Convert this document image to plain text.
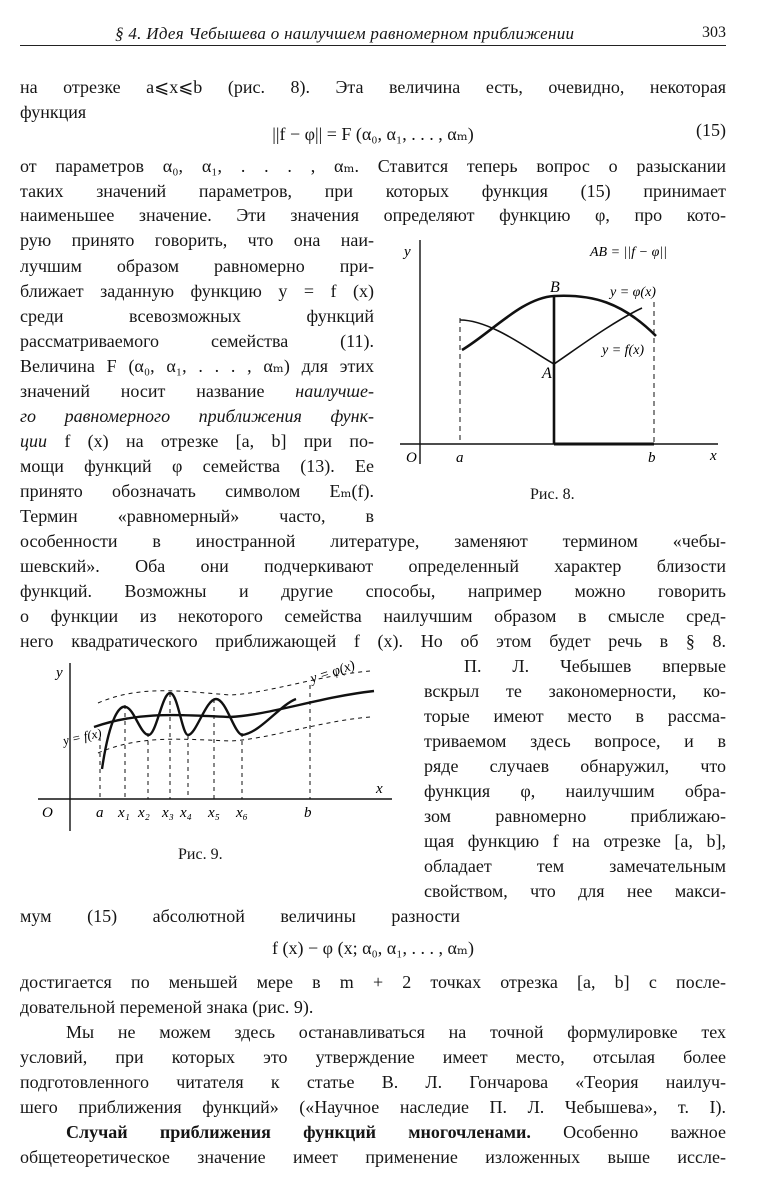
§ 4. Идея Чебышева о наилучшем равномерном приближении	303
на отрезке a⩽x⩽b (рис. 8). Эта величина есть, очевидно, некоторая
функция
||f − φ|| = F (α₀, α₁, . . . , αₘ)	(15)
от параметров α₀, α₁, . . . , αₘ. Ставится теперь вопрос о разыскании
таких значений параметров, при которых функция (15) принимает
наименьшее значение. Эти значения определяют функцию φ, про кото-
рую принято говорить, что она наи-
лучшим образом равномерно при-
ближает заданную функцию y = f (x)
среди всевозможных функций
рассматриваемого семейства (11).
Величина F (α₀, α₁, . . . , αₘ) для этих
значений носит название наилучше-
го равномерного приближения функ-
ции f (x) на отрезке [a, b] при по-
мощи функций φ семейства (13). Ее
принято обозначать символом Eₘ(f).
Термин «равномерный» часто, в
y
x
O	a	b
A
B
AB = ||f − φ||
y = φ(x)
y = f(x)
Рис. 8.
особенности в иностранной литературе, заменяют термином «чебы-
шевский». Оба они подчеркивают определенный характер близости
функций. Возможны и другие способы, например можно говорить
о функции из некоторого семейства наилучшим образом в смысле сред-
него квадратического приближающей f (x). Но об этом будет речь в § 8.
y
x
O	a	b
x₁ x₂ x₃ x₄ x₅ x₆
y = φ(x)
y = f(x)
Рис. 9.
П. Л. Чебышев впервые
вскрыл те закономерности, ко-
торые имеют место в рассма-
триваемом здесь вопросе, и в
ряде случаев обнаружил, что
функция φ, наилучшим обра-
зом равномерно приближаю-
щая функцию f на отрезке [a, b],
обладает тем замечательным
свойством, что для нее макси-
мум (15) абсолютной величины разности
f (x) − φ (x; α₀, α₁, . . . , αₘ)
достигается по меньшей мере в m + 2 точках отрезка [a, b] с после-
довательной переменой знака (рис. 9).
Мы не можем здесь останавливаться на точной формулировке тех
условий, при которых это утверждение имеет место, отсылая более
подготовленного читателя к статье В. Л. Гончарова «Теория наилуч-
шего приближения функций» («Научное наследие П. Л. Чебышева», т. I).
Случай приближения функций многочленами. Особенно важное
общетеоретическое значение имеет применение изложенных выше иссле-
